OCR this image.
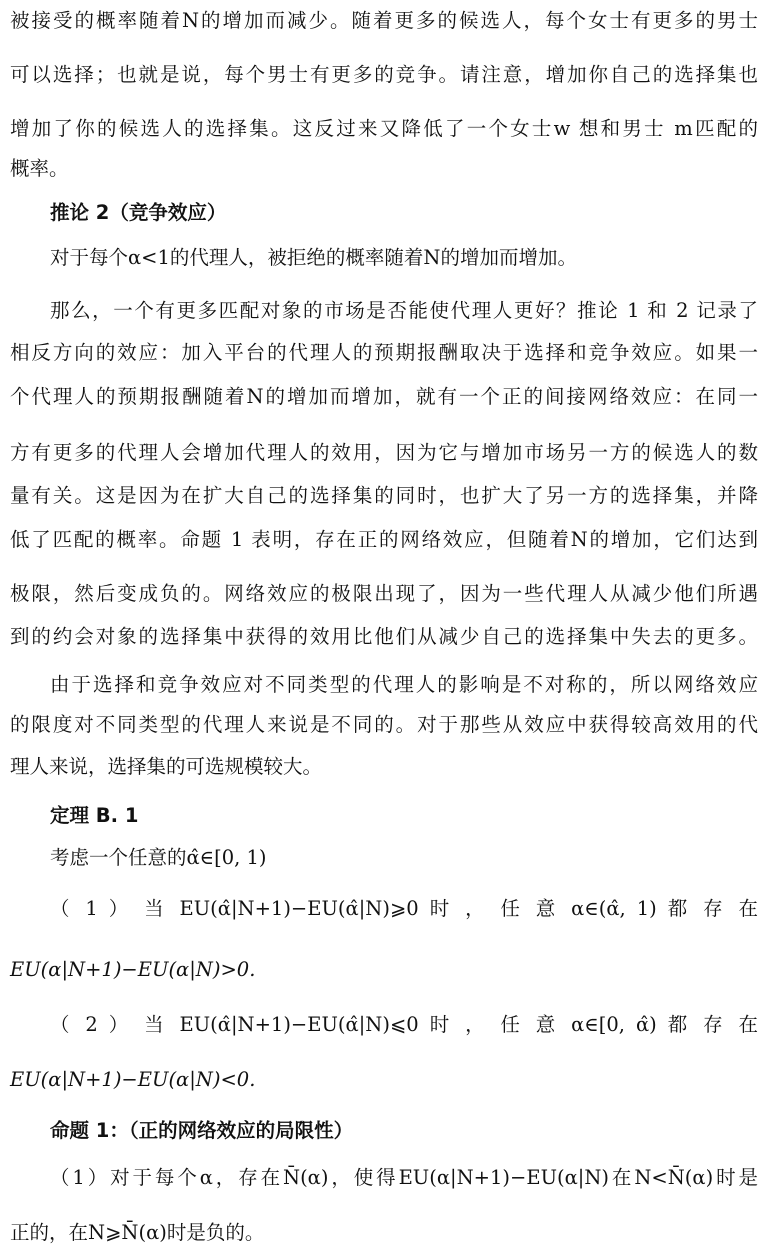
被接受的概率随着N的增加而减少。随着更多的候选人，每个女士有更多的男士
可以选择；也就是说，每个男士有更多的竞争。请注意，增加你自己的选择集也
增加了你的候选人的选择集。这反过来又降低了一个女士w 想和男士 m匹配的
概率。
推论 2（竞争效应）
对于每个α<1的代理人，被拒绝的概率随着N的增加而增加。
那么，一个有更多匹配对象的市场是否能使代理人更好？推论 1 和 2 记录了
相反方向的效应：加入平台的代理人的预期报酬取决于选择和竞争效应。如果一
个代理人的预期报酬随着N的增加而增加，就有一个正的间接网络效应：在同一
方有更多的代理人会增加代理人的效用，因为它与增加市场另一方的候选人的数
量有关。这是因为在扩大自己的选择集的同时，也扩大了另一方的选择集，并降
低了匹配的概率。命题 1 表明，存在正的网络效应，但随着N的增加，它们达到
极限，然后变成负的。网络效应的极限出现了，因为一些代理人从减少他们所遇
到的约会对象的选择集中获得的效用比他们从减少自己的选择集中失去的更多。
由于选择和竞争效应对不同类型的代理人的影响是不对称的，所以网络效应
的限度对不同类型的代理人来说是不同的。对于那些从效应中获得较高效用的代
理人来说，选择集的可选规模较大。
定理 B. 1
考虑一个任意的α̂∈[0, 1)
（ 1 ） 当 EU(α̂|N+1)−EU(α̂|N)⩾0 时 ， 任 意 α∈(α̂, 1) 都 存 在
EU(α|N+1)−EU(α|N)>0.
（ 2 ） 当 EU(α̂|N+1)−EU(α̂|N)⩽0 时 ， 任 意 α∈[0, α̂) 都 存 在
EU(α|N+1)−EU(α|N)<0.
命题 1：（正的网络效应的局限性）
（1）对于每个α，存在N̄(α)，使得EU(α|N+1)−EU(α|N)在N<N̄(α)时是
正的，在N⩾N̄(α)时是负的。
